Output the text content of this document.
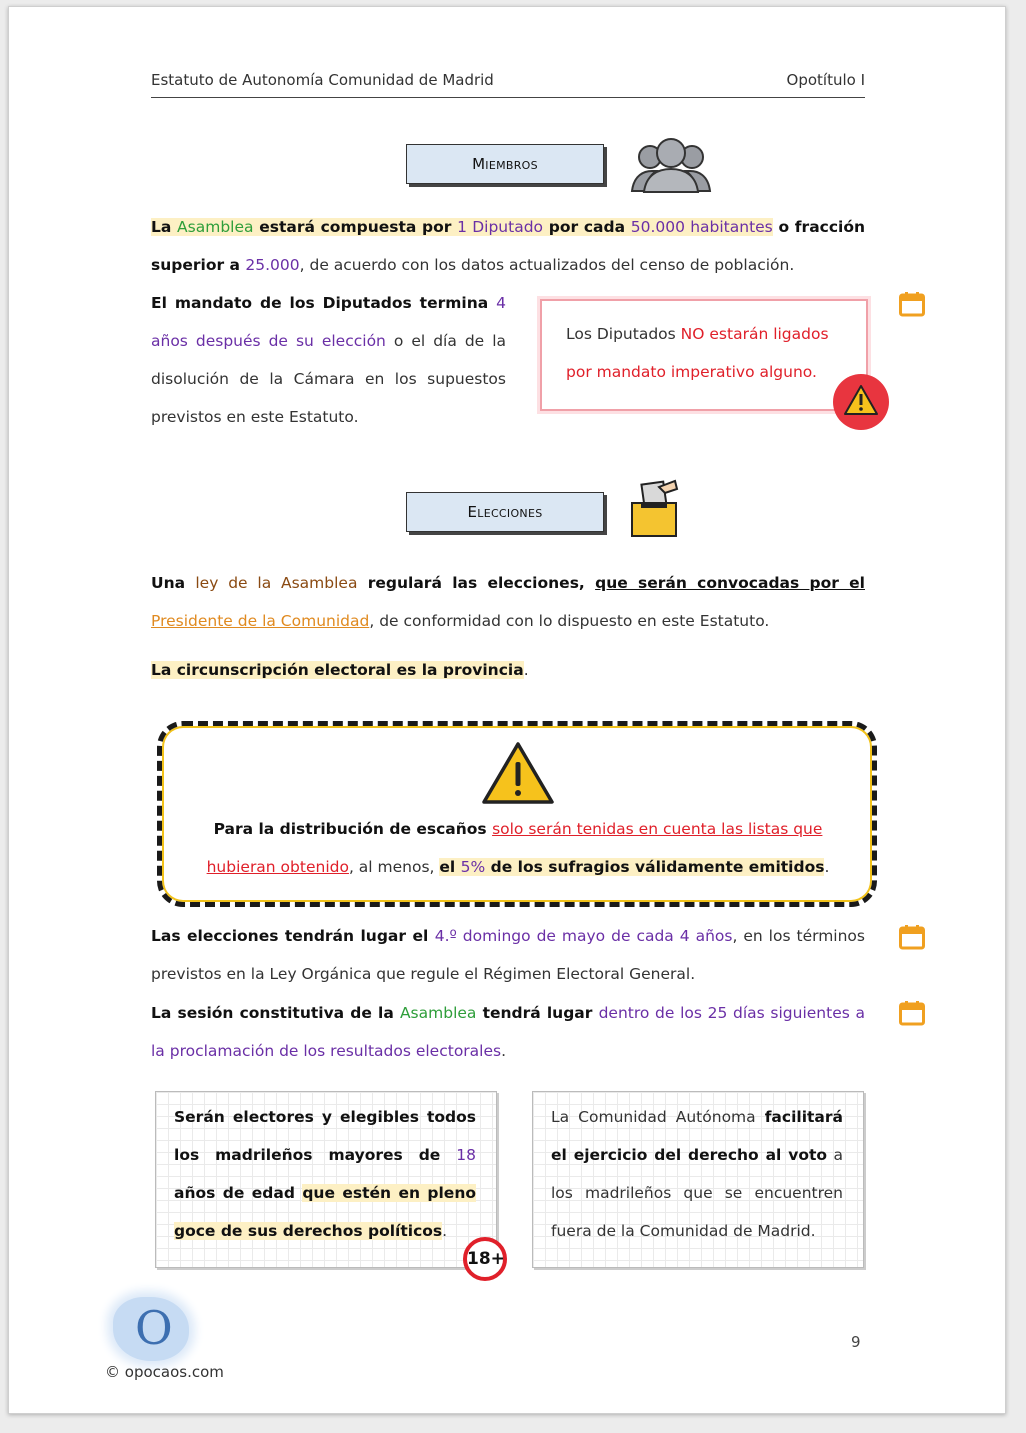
Estatuto de Autonomía Comunidad de Madrid	Opotítulo I
Miembros
La Asamblea estará compuesta por 1 Diputado por cada 50.000 habitantes o fracción superior a 25.000, de acuerdo con los datos actualizados del censo de población.
El mandato de los Diputados termina 4 años después de su elección o el día de la disolución de la Cámara en los supuestos previstos en este Estatuto.
Los Diputados NO estarán ligados por mandato imperativo alguno.
Elecciones
Una ley de la Asamblea regulará las elecciones, que serán convocadas por el Presidente de la Comunidad, de conformidad con lo dispuesto en este Estatuto.
La circunscripción electoral es la provincia.
Para la distribución de escaños solo serán tenidas en cuenta las listas que hubieran obtenido, al menos, el 5% de los sufragios válidamente emitidos.
Las elecciones tendrán lugar el 4.º domingo de mayo de cada 4 años, en los términos previstos en la Ley Orgánica que regule el Régimen Electoral General.
La sesión constitutiva de la Asamblea tendrá lugar dentro de los 25 días siguientes a la proclamación de los resultados electorales.
Serán electores y elegibles todos los madrileños mayores de 18 años de edad que estén en pleno goce de sus derechos políticos.
18+
La Comunidad Autónoma facilitará el ejercicio del derecho al voto a los madrileños que se encuentren fuera de la Comunidad de Madrid.
O
© opocaos.com
9
